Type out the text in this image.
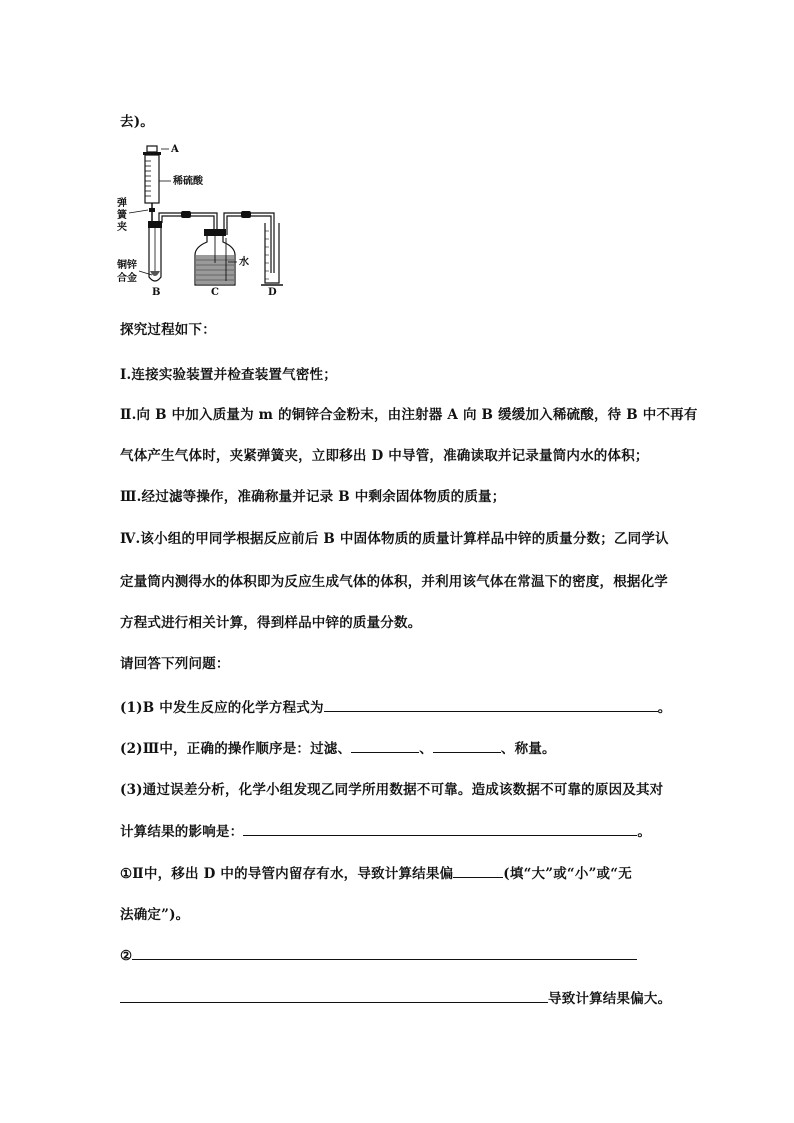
去)。
A
稀硫酸
弹
簧
夹
铜锌
合金
B
水
C	D
探究过程如下：
Ⅰ.连接实验装置并检查装置气密性；
Ⅱ.向 B 中加入质量为 m 的铜锌合金粉末，由注射器 A 向 B 缓缓加入稀硫酸，待 B 中不再有
气体产生气体时，夹紧弹簧夹，立即移出 D 中导管，准确读取并记录量筒内水的体积；
Ⅲ.经过滤等操作，准确称量并记录 B 中剩余固体物质的质量；
Ⅳ.该小组的甲同学根据反应前后 B 中固体物质的质量计算样品中锌的质量分数；乙同学认
定量筒内测得水的体积即为反应生成气体的体积，并利用该气体在常温下的密度，根据化学
方程式进行相关计算，得到样品中锌的质量分数。
请回答下列问题：
(1)B 中发生反应的化学方程式为	。
(2)Ⅲ中，正确的操作顺序是：过滤、	、	、称量。
(3)通过误差分析，化学小组发现乙同学所用数据不可靠。造成该数据不可靠的原因及其对
计算结果的影响是：	。
①Ⅱ中，移出 D 中的导管内留存有水，导致计算结果偏	(填“大”或“小”或“无
法确定”)。
②
导致计算结果偏大。
